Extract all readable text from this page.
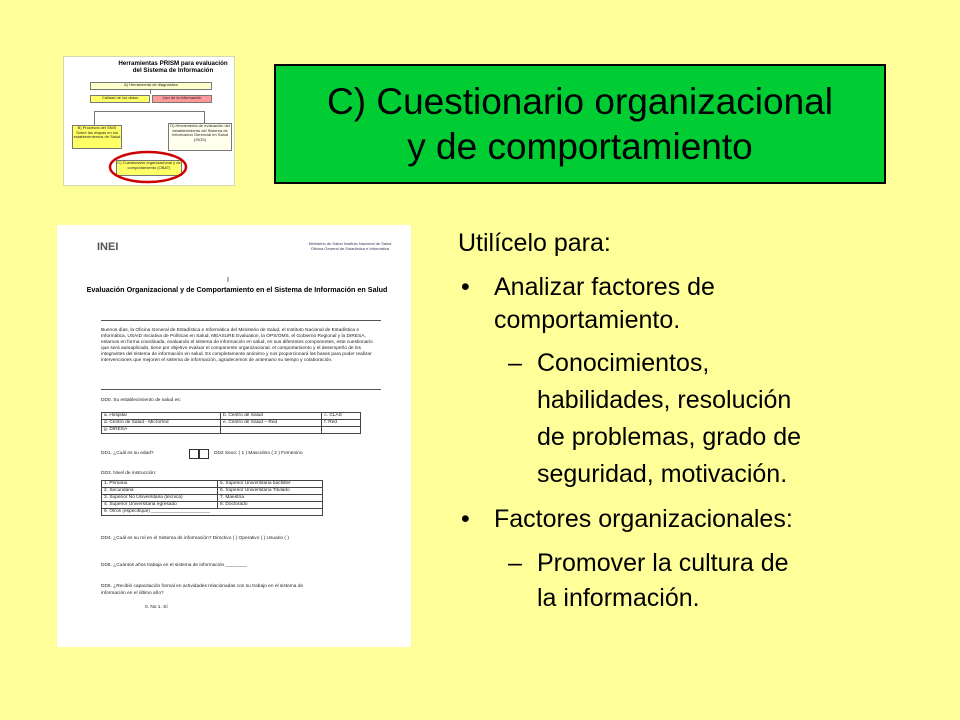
Herramientas PRISM para evaluación del Sistema de Información
A) Herramienta de diagnóstico
Calidad de los datos	Uso de la información
B) Procesos del SNIS Sobre las etapas en los establecimientos de Salud
D) Herramienta de evaluación del establecimiento del Sistema de Información Gerencial en Salud (SIGS)
C) Cuestionario organizacional y de comportamiento (OBAT)
C) Cuestionario organizacional
y de comportamiento
INEI	Ministerio de Salud Instituto Nacional de Salud Oficina General de Estadística e Informática
I
Evaluación Organizacional y de Comportamiento en el Sistema de Información en Salud
Buenos días, la Oficina General de Estadística e Informática del Ministerio de Salud, el Instituto Nacional de Estadística e Informática, USAID Iniciativa de Políticas en Salud, MEASURE Evaluation, la OPS/OMS, el Gobierno Regional y la DIRESA, estamos en forma coordinada, evaluando el sistema de información en salud, en sus diferentes componentes, este cuestionario que será autoaplicado, tiene por objetivo evaluar el componente organizacional, el comportamiento y el desempeño de los integrantes del sistema de información en salud. Es completamente anónimo y nos proporcionará las bases para poder realizar intervenciones que mejoren el sistema de información, agradecemos de antemano su tiempo y colaboración.
DD0. Su establecimiento de salud es:
a. Hospital	b. Centro de Salud	c. CLAS
d. Centro de Salud - Microrred	e. Centro de Salud – Red	f. Red
g. DIRESA		
DD1. ¿Cuál es su edad?	DD2 Sexo: ( 1 ) Masculino ( 2 ) Femenino
DD3. Nivel de instrucción:
1. Primaria	5. Superior Universitaria bachiller
2. Secundaria	6. Superior Universitaria Titulado
3. Superior No Universitaria (técnica)	7. Maestría
4. Superior Universitaria egresado	8. Doctorado
9. Otros (especifique) ______________________	
DD4. ¿Cuál es su rol en el Sistema de información? Directivo ( ) Operativo ( ) Usuario ( )
DD5. ¿Cuántos años trabaja en el sistema de información ________
DD6. ¿Recibió capacitación formal en actividades relacionadas con su trabajo en el sistema de
información en el último año?
0. No 1. Sí
Utilícelo para:
• Analizar factores de
comportamiento.
– Conocimientos,
habilidades, resolución
de problemas, grado de
seguridad, motivación.
• Factores organizacionales:
– Promover la cultura de
la información.
